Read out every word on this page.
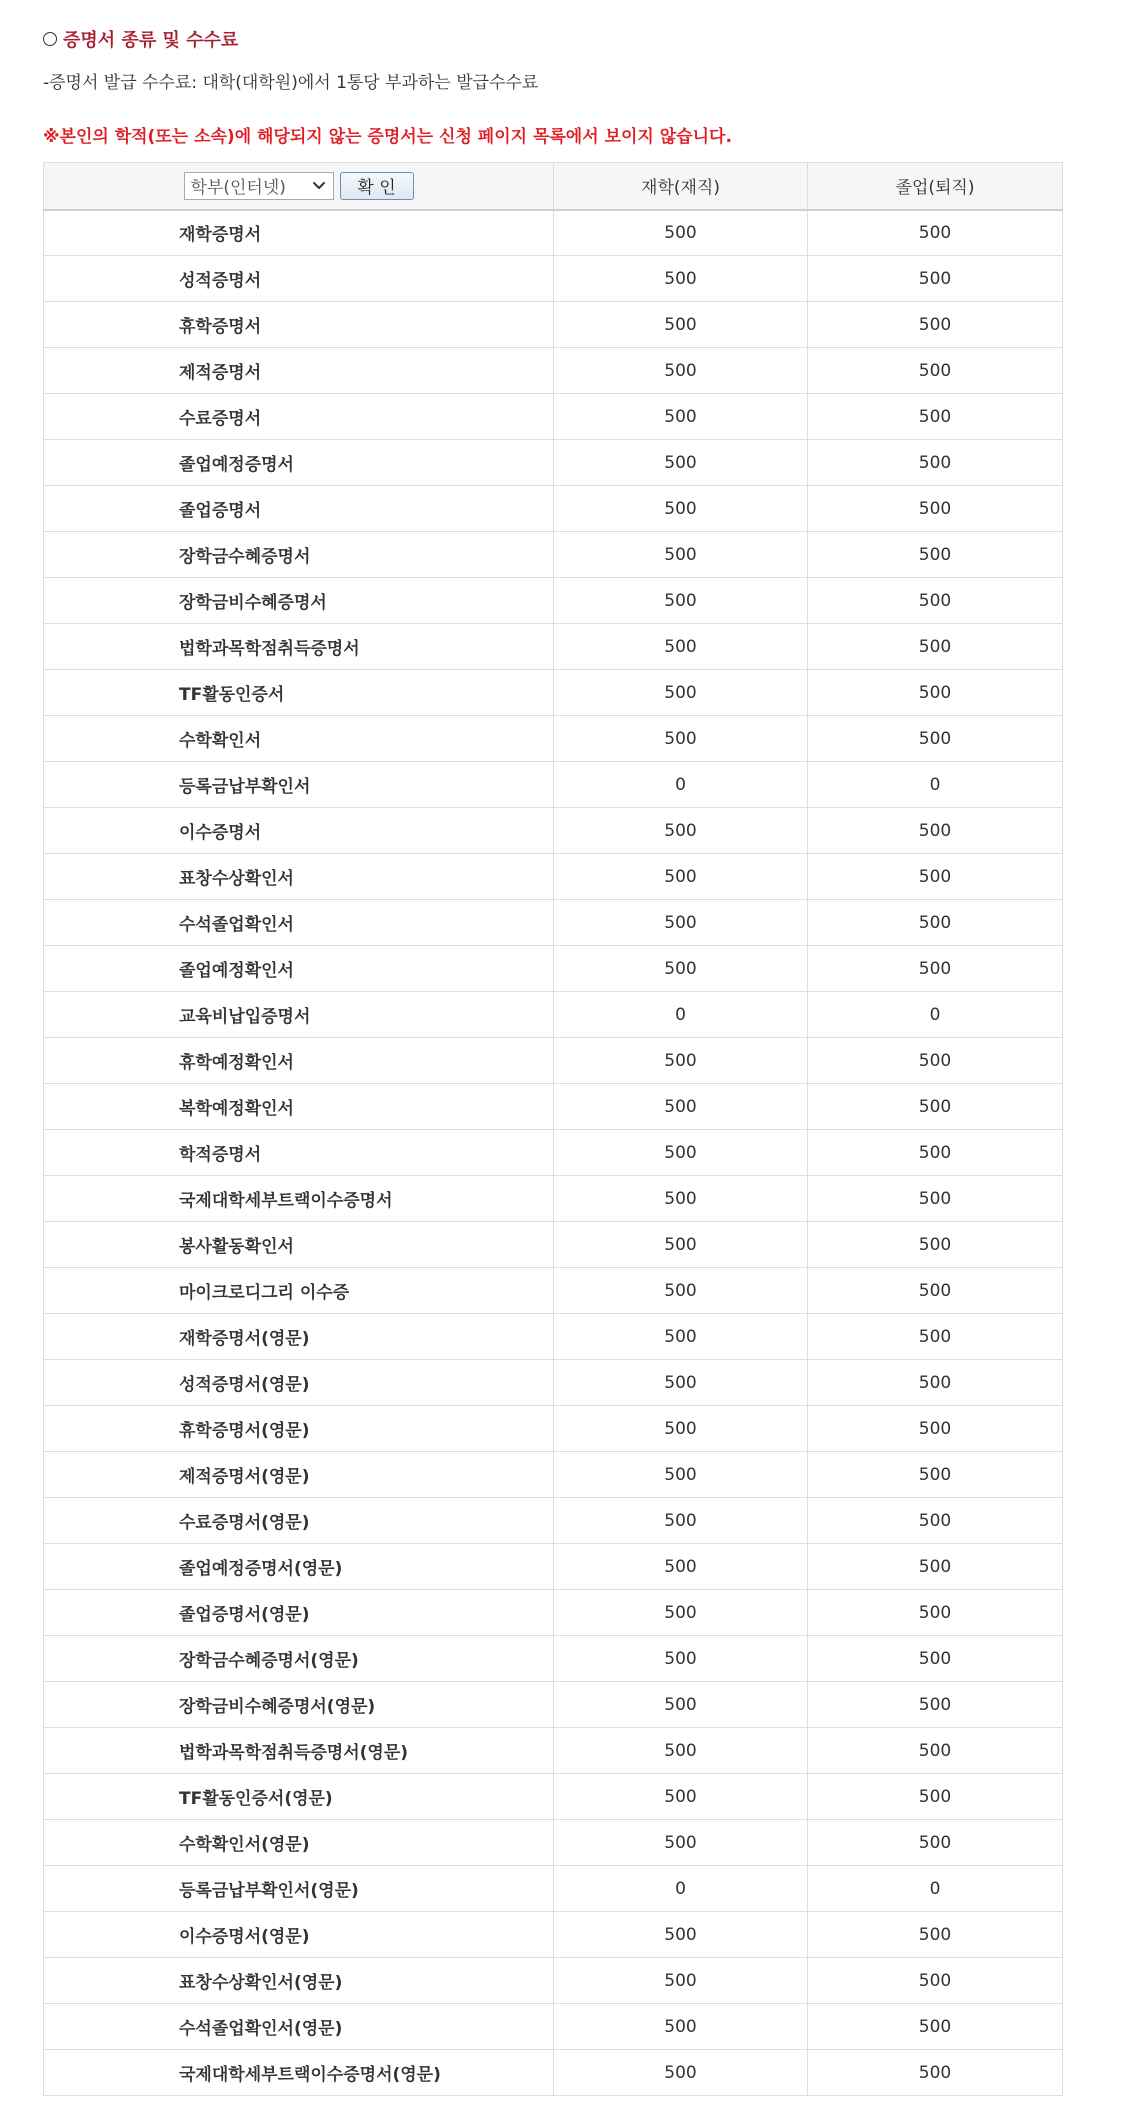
증명서 종류 및 수수료
-증명서 발급 수수료: 대학(대학원)에서 1통당 부과하는 발급수수료
※본인의 학적(또는 소속)에 해당되지 않는 증명서는 신청 페이지 목록에서 보이지 않습니다.
학부(인터넷) 확 인	재학(재직)	졸업(퇴직)
재학증명서	500	500
성적증명서	500	500
휴학증명서	500	500
제적증명서	500	500
수료증명서	500	500
졸업예정증명서	500	500
졸업증명서	500	500
장학금수혜증명서	500	500
장학금비수혜증명서	500	500
법학과목학점취득증명서	500	500
TF활동인증서	500	500
수학확인서	500	500
등록금납부확인서	0	0
이수증명서	500	500
표창수상확인서	500	500
수석졸업확인서	500	500
졸업예정확인서	500	500
교육비납입증명서	0	0
휴학예정확인서	500	500
복학예정확인서	500	500
학적증명서	500	500
국제대학세부트랙이수증명서	500	500
봉사활동확인서	500	500
마이크로디그리 이수증	500	500
재학증명서(영문)	500	500
성적증명서(영문)	500	500
휴학증명서(영문)	500	500
제적증명서(영문)	500	500
수료증명서(영문)	500	500
졸업예정증명서(영문)	500	500
졸업증명서(영문)	500	500
장학금수혜증명서(영문)	500	500
장학금비수혜증명서(영문)	500	500
법학과목학점취득증명서(영문)	500	500
TF활동인증서(영문)	500	500
수학확인서(영문)	500	500
등록금납부확인서(영문)	0	0
이수증명서(영문)	500	500
표창수상확인서(영문)	500	500
수석졸업확인서(영문)	500	500
국제대학세부트랙이수증명서(영문)	500	500
